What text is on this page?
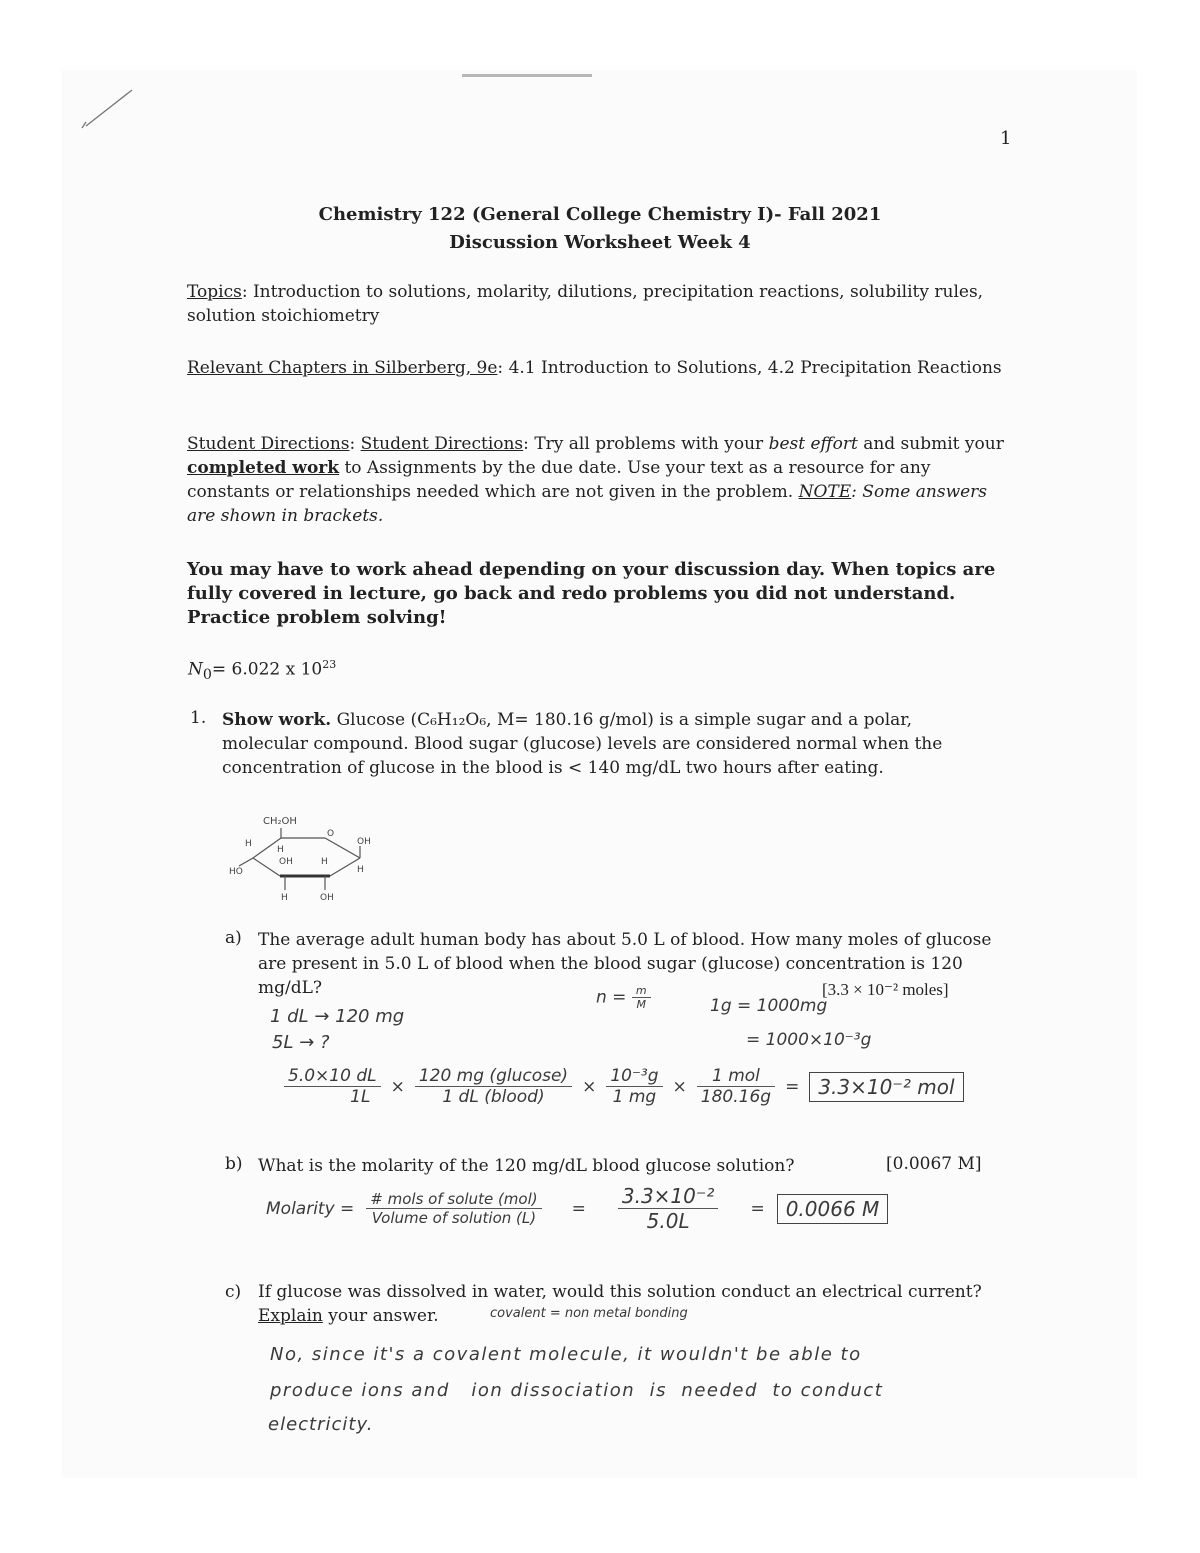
1
Chemistry 122 (General College Chemistry I)- Fall 2021
Discussion Worksheet Week 4
Topics: Introduction to solutions, molarity, dilutions, precipitation reactions, solubility rules, solution stoichiometry
Relevant Chapters in Silberberg, 9e: 4.1 Introduction to Solutions, 4.2 Precipitation Reactions
Student Directions: Student Directions: Try all problems with your best effort and submit your completed work to Assignments by the due date. Use your text as a resource for any constants or relationships needed which are not given in the problem. NOTE: Some answers are shown in brackets.
You may have to work ahead depending on your discussion day. When topics are fully covered in lecture, go back and redo problems you did not understand. Practice problem solving!
$N_0= 6.022$ x $10^{23}$
1. Show work. Glucose (C₆H₁₂O₆, M= 180.16 g/mol) is a simple sugar and a polar, molecular compound. Blood sugar (glucose) levels are considered normal when the concentration of glucose in the blood is < 140 mg/dL two hours after eating.
CH₂OH
O
H
H
OH
HO
OH	H
H
H	OH
a) The average adult human body has about 5.0 L of blood. How many moles of glucose are present in 5.0 L of blood when the blood sugar (glucose) concentration is 120 mg/dL?	[3.3 × 10⁻² moles]
$n = \frac{m}{M}$	1g = 1000mg
= 1000×10⁻³g
1 dL → 120 mg
5L → ?
$\frac{5.0\times 10 dL}{1L} \times \frac{\text{120 mg (glucose)}}{\text{1 dL (blood)}} \times \frac{\text{10⁻³g}}{1 mg} \times \frac{\text{1 mol}}{180.16g} = 3.3\times 10^{-2}$ mol
b) What is the molarity of the 120 mg/dL blood glucose solution?	[0.0067 M]
Molarity = $\frac{\text{\# mols of solute (mol)}}{\text{Volume of solution (L)}} = \frac{\text{3.3×10⁻²}}{5.0L}$ =	0.0066 M
c) If glucose was dissolved in water, would this solution conduct an electrical current?
Explain your answer.	covalent = non metal bonding
No, since it's a covalent molecule, it wouldn't be able to
produce ions and   ion dissociation  is  needed  to conduct
electricity.
